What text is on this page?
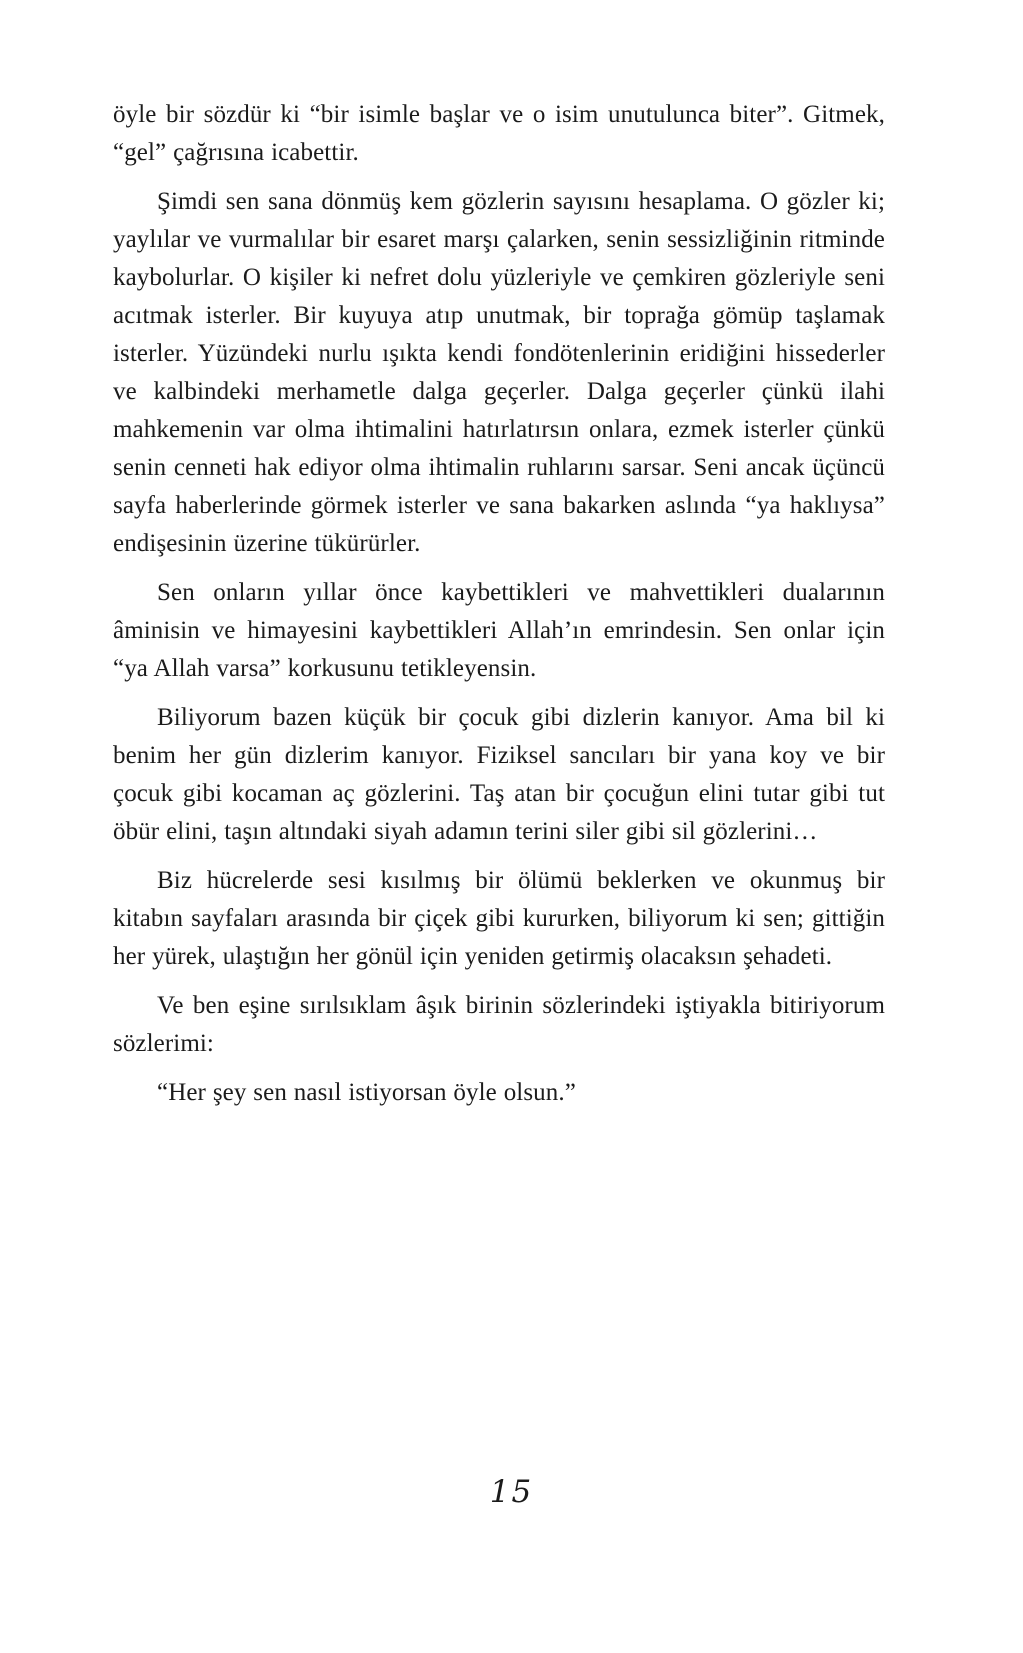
öyle bir sözdür ki “bir isimle başlar ve o isim unutulunca biter”. Gitmek, “gel” çağrısına icabettir.

Şimdi sen sana dönmüş kem gözlerin sayısını hesaplama. O gözler ki; yaylılar ve vurmalılar bir esaret marşı çalarken, senin sessizliğinin ritminde kaybolurlar. O kişiler ki nefret dolu yüzleriyle ve çemkiren gözleriyle seni acıtmak isterler. Bir kuyuya atıp unutmak, bir toprağa gömüp taşlamak isterler. Yüzündeki nurlu ışıkta kendi fondötenlerinin eridiğini hissederler ve kalbindeki merhametle dalga geçerler. Dalga geçerler çünkü ilahi mahkemenin var olma ihtimalini hatırlatırsın onlara, ezmek isterler çünkü senin cenneti hak ediyor olma ihtimalin ruhlarını sarsar. Seni ancak üçüncü sayfa haberlerinde görmek isterler ve sana bakarken aslında “ya haklıysa” endişesinin üzerine tükürürler.

Sen onların yıllar önce kaybettikleri ve mahvettikleri dualarının âminisin ve himayesini kaybettikleri Allah’ın emrindesin. Sen onlar için “ya Allah varsa” korkusunu tetikleyensin.

Biliyorum bazen küçük bir çocuk gibi dizlerin kanıyor. Ama bil ki benim her gün dizlerim kanıyor. Fiziksel sancıları bir yana koy ve bir çocuk gibi kocaman aç gözlerini. Taş atan bir çocuğun elini tutar gibi tut öbür elini, taşın altındaki siyah adamın terini siler gibi sil gözlerini…

Biz hücrelerde sesi kısılmış bir ölümü beklerken ve okunmuş bir kitabın sayfaları arasında bir çiçek gibi kururken, biliyorum ki sen; gittiğin her yürek, ulaştığın her gönül için yeniden getirmiş olacaksın şehadeti.

Ve ben eşine sırılsıklam âşık birinin sözlerindeki iştiyakla bitiriyorum sözlerimi:

“Her şey sen nasıl istiyorsan öyle olsun.”

15
